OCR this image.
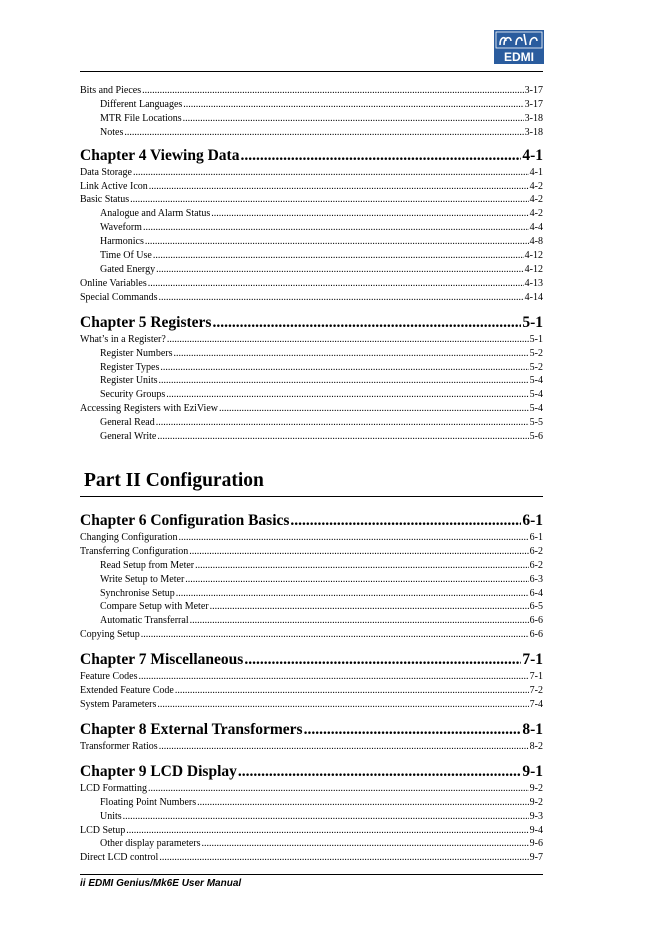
EDMI
Bits and Pieces .....	3-17
Different Languages .....	3-17
MTR File Locations .....	3-18
Notes .....	3-18
Chapter 4 Viewing Data .....	4-1
Data Storage .....	4-1
Link Active Icon .....	4-2
Basic Status .....	4-2
Analogue and Alarm Status .....	4-2
Waveform .....	4-4
Harmonics .....	4-8
Time Of Use .....	4-12
Gated Energy .....	4-12
Online Variables .....	4-13
Special Commands .....	4-14
Chapter 5 Registers .....	5-1
What’s in a Register? .....	5-1
Register Numbers .....	5-2
Register Types .....	5-2
Register Units .....	5-4
Security Groups .....	5-4
Accessing Registers with EziView .....	5-4
General Read .....	5-5
General Write .....	5-6
Part II Configuration
Chapter 6 Configuration Basics .....	6-1
Changing Configuration .....	6-1
Transferring Configuration .....	6-2
Read Setup from Meter .....	6-2
Write Setup to Meter .....	6-3
Synchronise Setup .....	6-4
Compare Setup with Meter .....	6-5
Automatic Transferral .....	6-6
Copying Setup .....	6-6
Chapter 7 Miscellaneous .....	7-1
Feature Codes .....	7-1
Extended Feature Code .....	7-2
System Parameters .....	7-4
Chapter 8 External Transformers .....	8-1
Transformer Ratios .....	8-2
Chapter 9 LCD Display .....	9-1
LCD Formatting .....	9-2
Floating Point Numbers .....	9-2
Units .....	9-3
LCD Setup .....	9-4
Other display parameters .....	9-6
Direct LCD control .....	9-7
ii EDMI Genius/Mk6E User Manual
